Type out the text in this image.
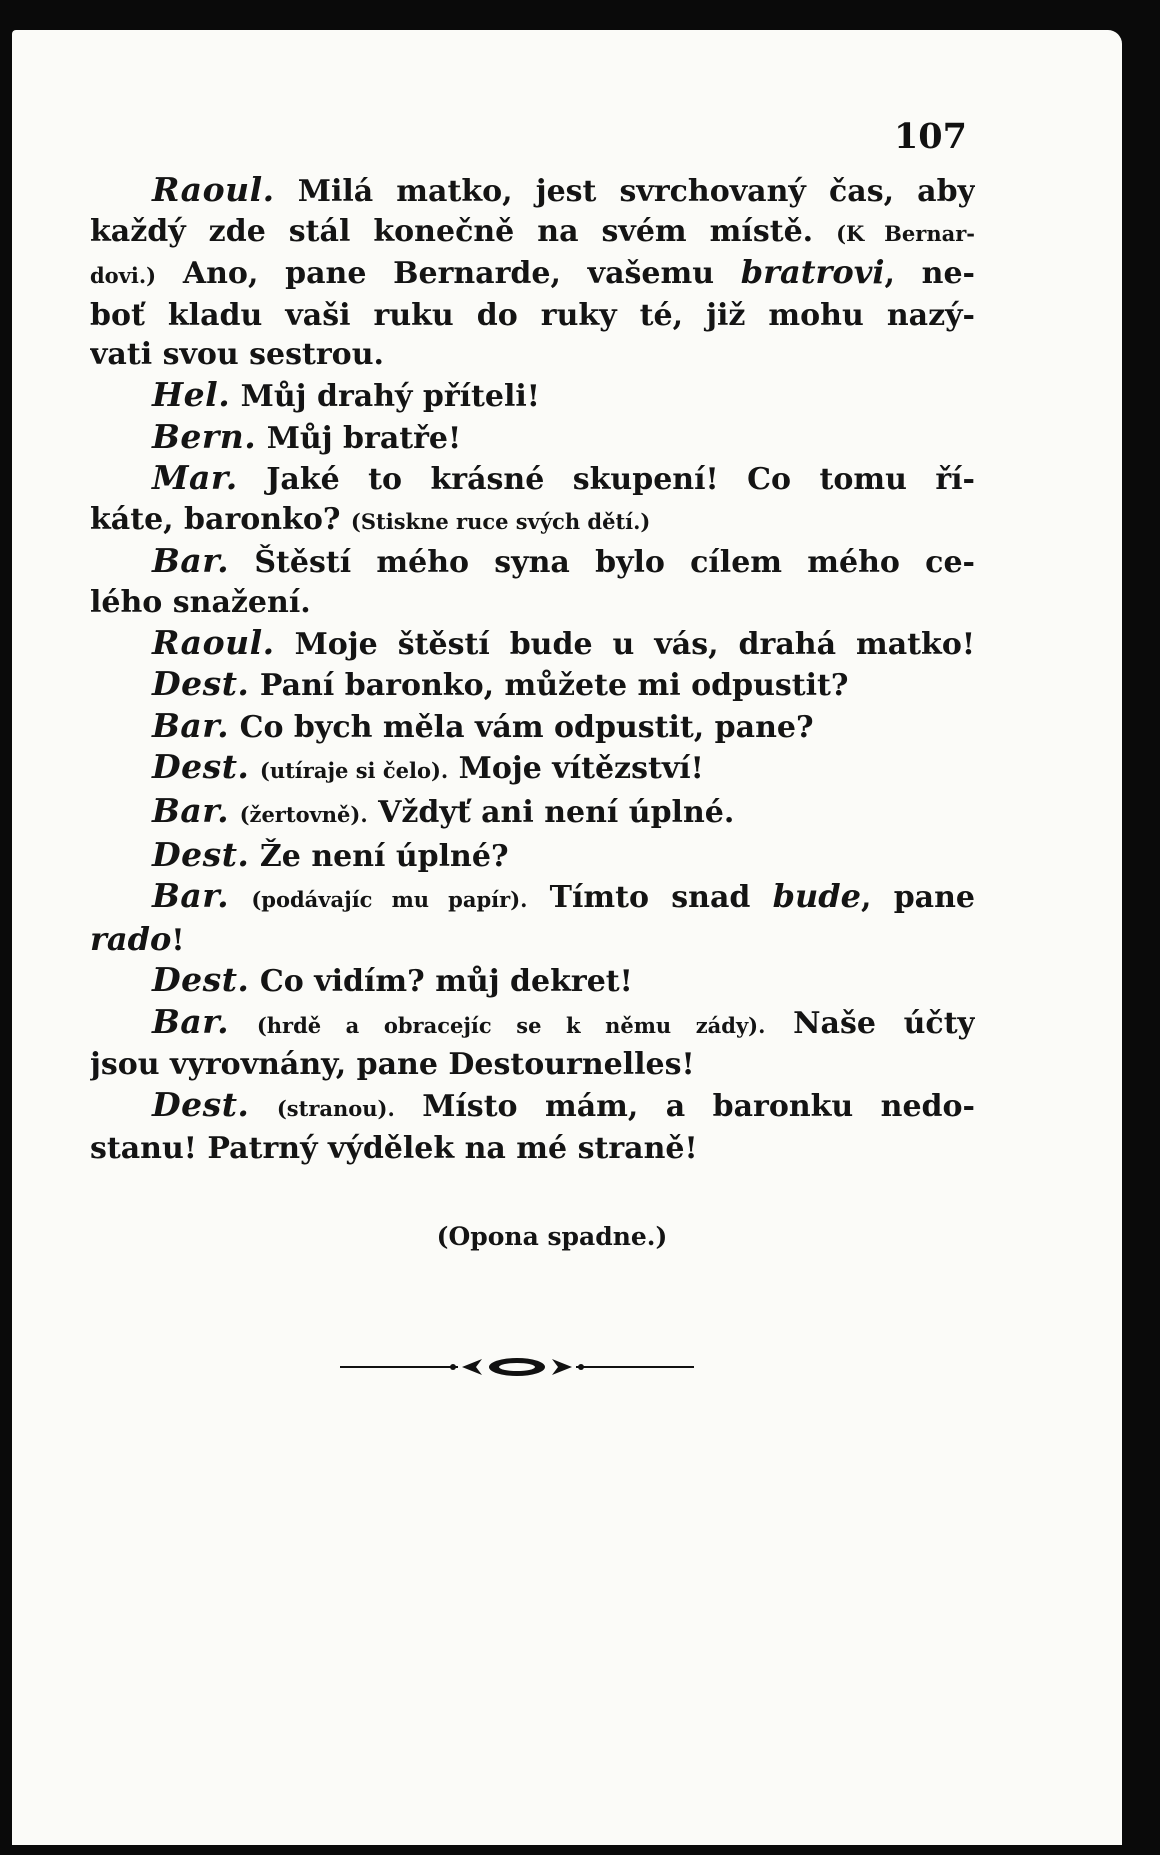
107
Raoul. Milá matko, jest svrchovaný čas, aby
každý zde stál konečně na svém místě. (K Bernar-
dovi.) Ano, pane Bernarde, vašemu bratrovi, ne-
boť kladu vaši ruku do ruky té, již mohu nazý-
vati svou sestrou.
Hel. Můj drahý příteli!
Bern. Můj bratře!
Mar. Jaké to krásné skupení! Co tomu ří-
káte, baronko? (Stiskne ruce svých dětí.)
Bar. Štěstí mého syna bylo cílem mého ce-
lého snažení.
Raoul. Moje štěstí bude u vás, drahá matko!
Dest. Paní baronko, můžete mi odpustit?
Bar. Co bych měla vám odpustit, pane?
Dest. (utíraje si čelo). Moje vítězství!
Bar. (žertovně). Vždyť ani není úplné.
Dest. Že není úplné?
Bar. (podávajíc mu papír). Tímto snad bude, pane
rado!
Dest. Co vidím? můj dekret!
Bar. (hrdě a obracejíc se k němu zády). Naše účty
jsou vyrovnány, pane Destournelles!
Dest. (stranou). Místo mám, a baronku nedo-
stanu! Patrný výdělek na mé straně!
(Opona spadne.)
